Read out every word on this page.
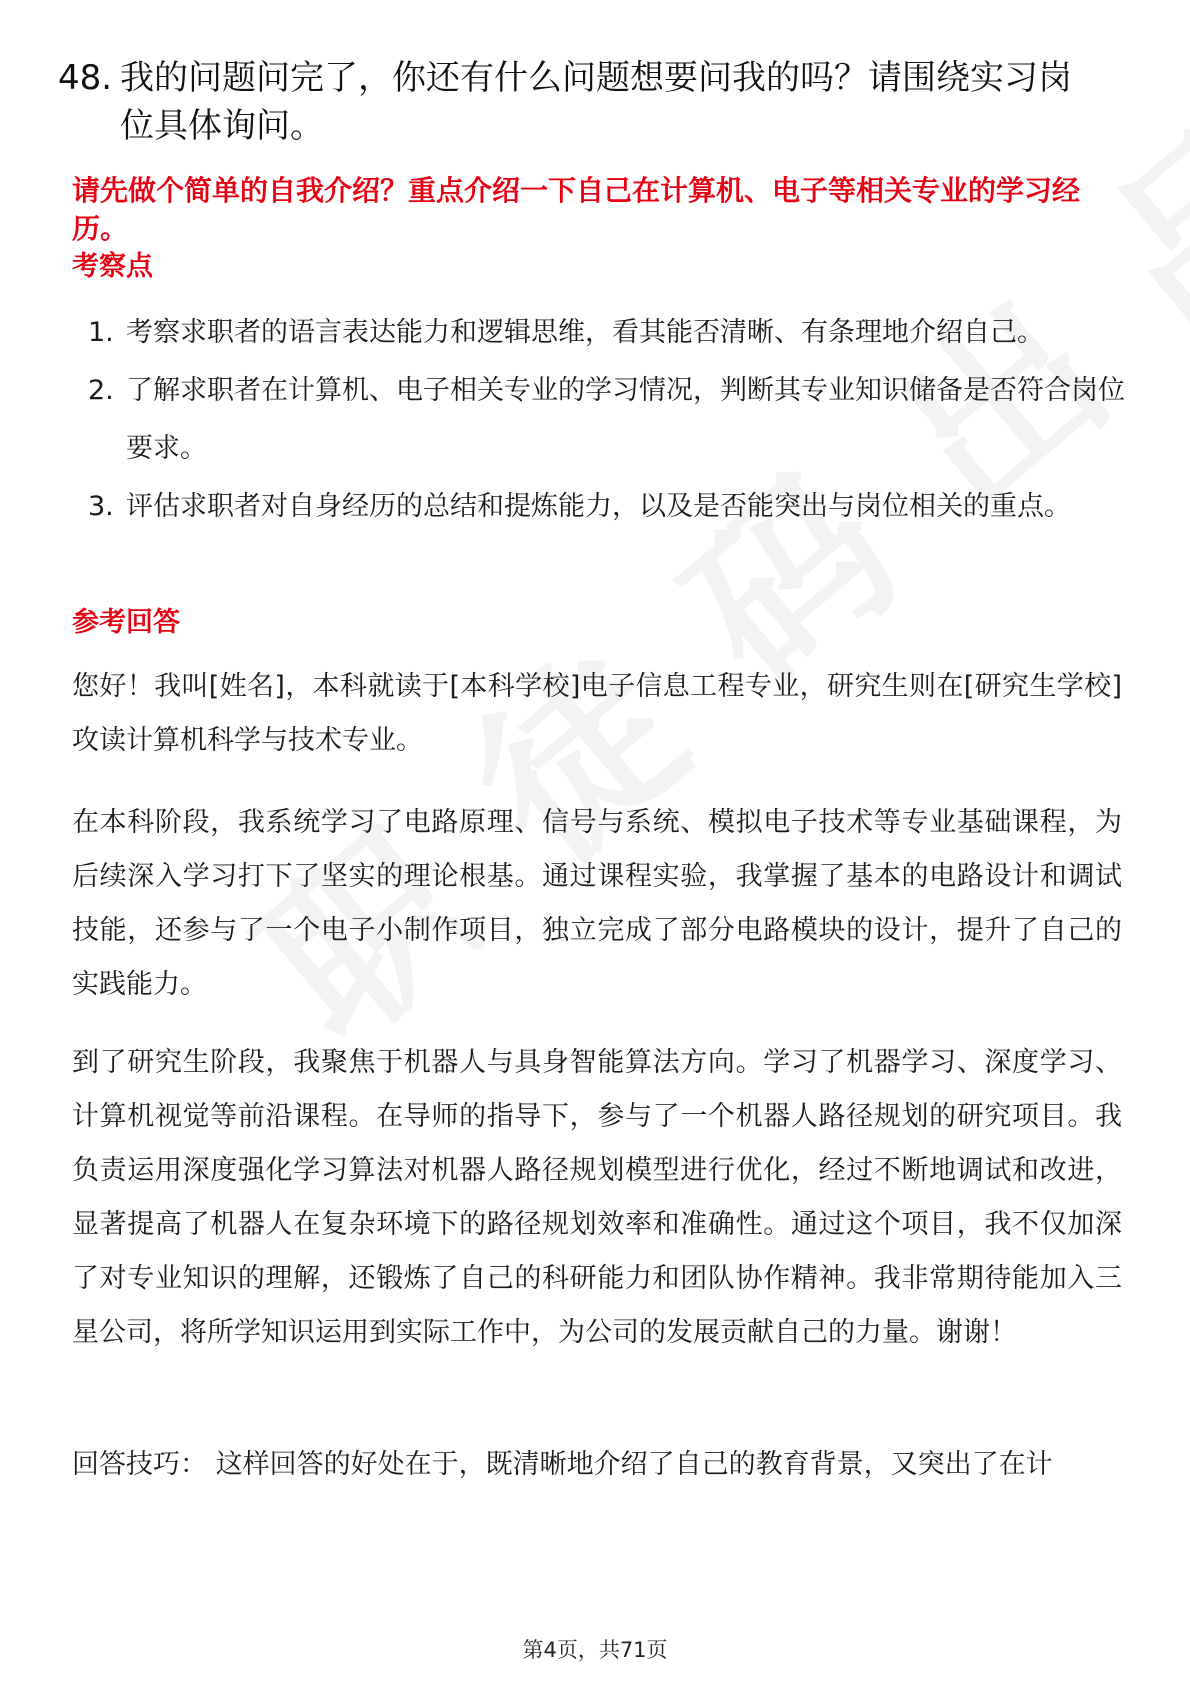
48. 我的问题问完了，你还有什么问题想要问我的吗？请围绕实习岗
位具体询问。
请先做个简单的自我介绍？重点介绍一下自己在计算机、电子等相关专业的学习经历。
考察点
1. 考察求职者的语言表达能力和逻辑思维，看其能否清晰、有条理地介绍自己。
2. 了解求职者在计算机、电子相关专业的学习情况，判断其专业知识储备是否符合岗位要求。
3. 评估求职者对自身经历的总结和提炼能力，以及是否能突出与岗位相关的重点。
参考回答
您好！我叫[姓名]，本科就读于[本科学校]电子信息工程专业，研究生则在[研究生学校]攻读计算机科学与技术专业。
在本科阶段，我系统学习了电路原理、信号与系统、模拟电子技术等专业基础课程，为后续深入学习打下了坚实的理论根基。通过课程实验，我掌握了基本的电路设计和调试技能，还参与了一个电子小制作项目，独立完成了部分电路模块的设计，提升了自己的实践能力。
到了研究生阶段，我聚焦于机器人与具身智能算法方向。学习了机器学习、深度学习、计算机视觉等前沿课程。在导师的指导下，参与了一个机器人路径规划的研究项目。我负责运用深度强化学习算法对机器人路径规划模型进行优化，经过不断地调试和改进，显著提高了机器人在复杂环境下的路径规划效率和准确性。通过这个项目，我不仅加深了对专业知识的理解，还锻炼了自己的科研能力和团队协作精神。我非常期待能加入三星公司，将所学知识运用到实际工作中，为公司的发展贡献自己的力量。谢谢！
回答技巧： 这样回答的好处在于，既清晰地介绍了自己的教育背景，又突出了在计
第4页，共71页
